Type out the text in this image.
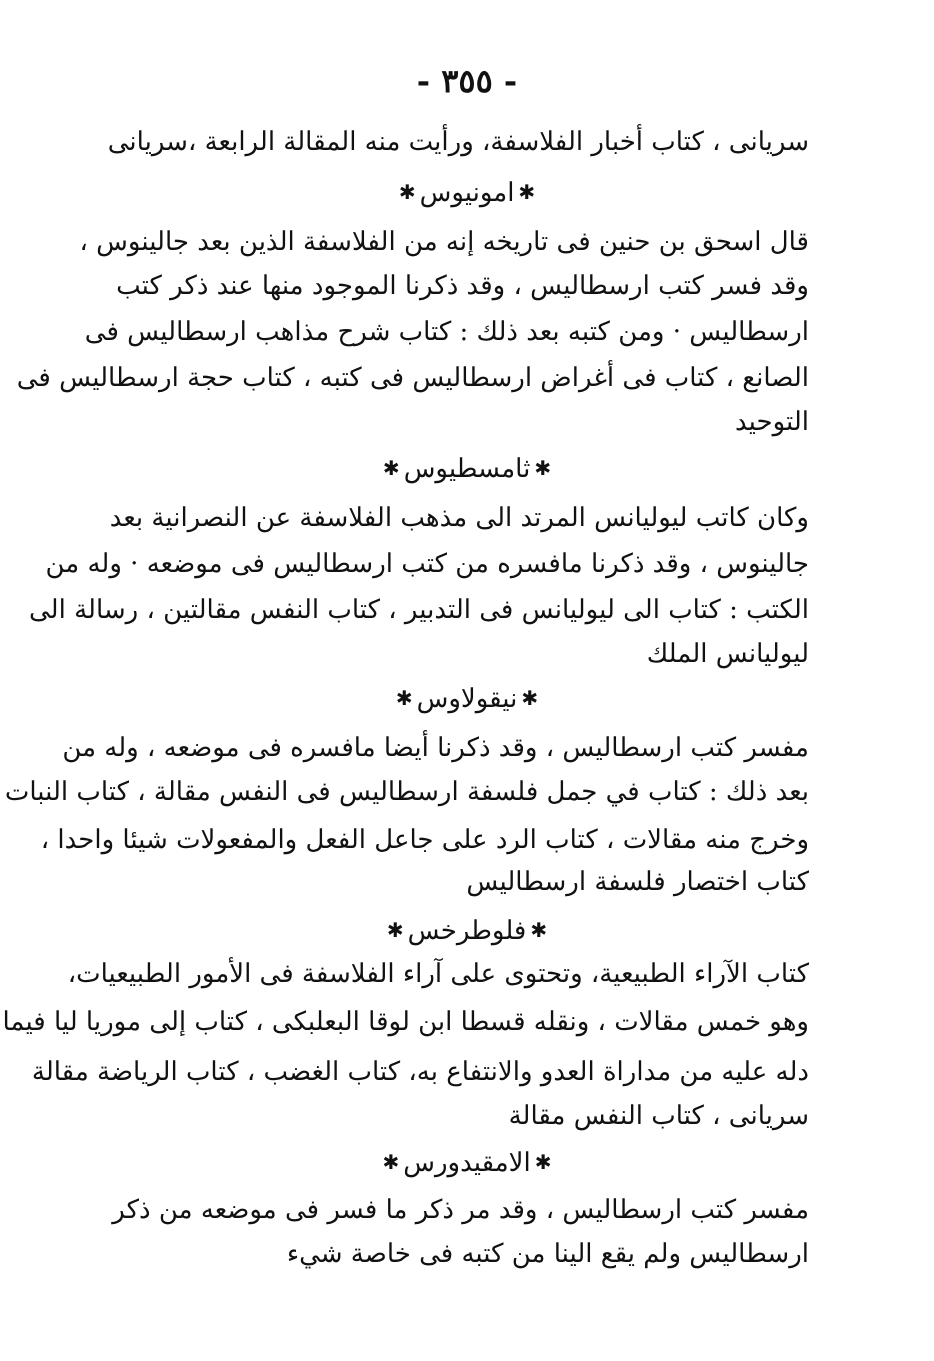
- ٣٥٥ -
سريانى ، كتاب أخبار الفلاسفة، ورأيت منه المقالة الرابعة ،سريانى
✱امونيوس✱
قال اسحق بن حنين فى تاريخه إنه من الفلاسفة الذين بعد جالينوس ،
وقد فسر كتب ارسطاليس ، وقد ذكرنا الموجود منها عند ذكر كتب
ارسطاليس · ومن كتبه بعد ذلك : كتاب شرح مذاهب ارسطاليس فى
الصانع ، كتاب فى أغراض ارسطاليس فى كتبه ، كتاب حجة ارسطاليس فى
التوحيد
✱ثامسطيوس✱
وكان كاتب ليوليانس المرتد الى مذهب الفلاسفة عن النصرانية بعد
جالينوس ، وقد ذكرنا مافسره من كتب ارسطاليس فى موضعه · وله من
الكتب : كتاب الى ليوليانس فى التدبير ، كتاب النفس مقالتين ، رسالة الى
ليوليانس الملك
✱نيقولاوس✱
مفسر كتب ارسطاليس ، وقد ذكرنا أيضا مافسره فى موضعه ، وله من
بعد ذلك : كتاب في جمل فلسفة ارسطاليس فى النفس مقالة ، كتاب النبات
وخرج منه مقالات ، كتاب الرد على جاعل الفعل والمفعولات شيئا واحدا ،
كتاب اختصار فلسفة ارسطاليس
✱فلوطرخس✱
كتاب الآراء الطبيعية، وتحتوى على آراء الفلاسفة فى الأمور الطبيعيات،
وهو خمس مقالات ، ونقله قسطا ابن لوقا البعلبكى ، كتاب إلى موريا ليا فيما
دله عليه من مداراة العدو والانتفاع به، كتاب الغضب ، كتاب الرياضة مقالة
سريانى ، كتاب النفس مقالة
✱الامقيدورس✱
مفسر كتب ارسطاليس ، وقد مر ذكر ما فسر فى موضعه من ذكر
ارسطاليس ولم يقع الينا من كتبه فى خاصة شيء
